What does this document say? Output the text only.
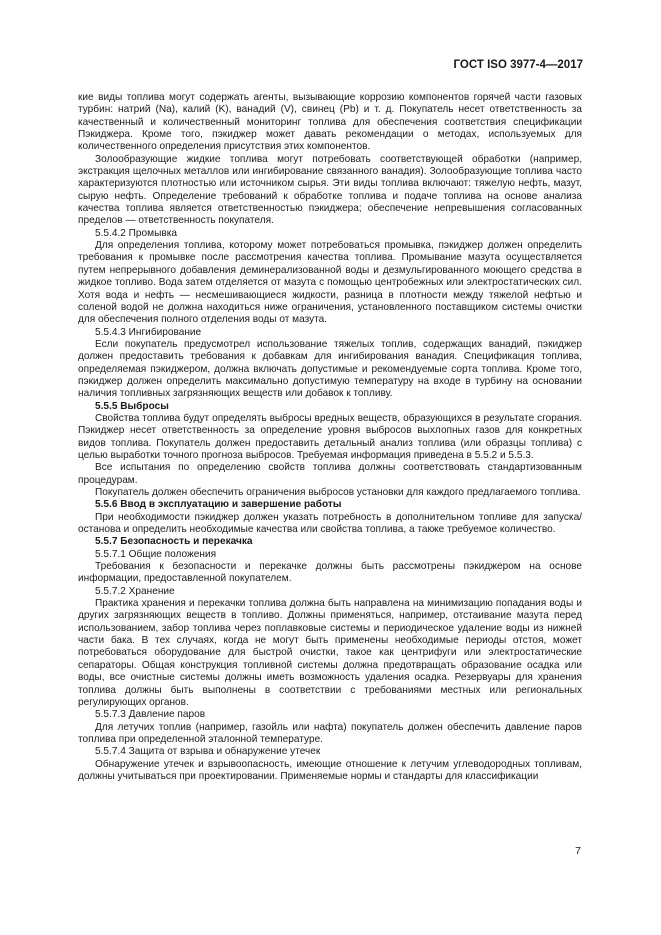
ГОСТ ISO 3977-4—2017

кие виды топлива могут содержать агенты, вызывающие коррозию компонентов горячей части газовых турбин: натрий (Na), калий (K), ванадий (V), свинец (Pb) и т. д. Покупатель несет ответственность за качественный и количественный мониторинг топлива для обеспечения соответствия спецификации Пэкиджера. Кроме того, пэкиджер может давать рекомендации о методах, используемых для количественного определения присутствия этих компонентов.

Золообразующие жидкие топлива могут потребовать соответствующей обработки (например, экстракция щелочных металлов или ингибирование связанного ванадия). Золообразующие топлива часто характеризуются плотностью или источником сырья. Эти виды топлива включают: тяжелую нефть, мазут, сырую нефть. Определение требований к обработке топлива и подаче топлива на основе анализа качества топлива является ответственностью пэкиджера; обеспечение непревышения согласованных пределов — ответственность покупателя.

5.5.4.2 Промывка

Для определения топлива, которому может потребоваться промывка, пэкиджер должен определить требования к промывке после рассмотрения качества топлива. Промывание мазута осуществляется путем непрерывного добавления деминерализованной воды и дезмульгированного моющего средства в жидкое топливо. Вода затем отделяется от мазута с помощью центробежных или электростатических сил. Хотя вода и нефть — несмешивающиеся жидкости, разница в плотности между тяжелой нефтью и соленой водой не должна находиться ниже ограничения, установленного поставщиком системы очистки для обеспечения полного отделения воды от мазута.

5.5.4.3 Ингибирование

Если покупатель предусмотрел использование тяжелых топлив, содержащих ванадий, пэкиджер должен предоставить требования к добавкам для ингибирования ванадия. Спецификация топлива, определяемая пэкиджером, должна включать допустимые и рекомендуемые сорта топлива. Кроме того, пэкиджер должен определить максимально допустимую температуру на входе в турбину на основании наличия топливных загрязняющих веществ или добавок к топливу.

5.5.5 Выбросы

Свойства топлива будут определять выбросы вредных веществ, образующихся в результате сгорания. Пэкиджер несет ответственность за определение уровня выбросов выхлопных газов для конкретных видов топлива. Покупатель должен предоставить детальный анализ топлива (или образцы топлива) с целью выработки точного прогноза выбросов. Требуемая информация приведена в 5.5.2 и 5.5.3.

Все испытания по определению свойств топлива должны соответствовать стандартизованным процедурам.

Покупатель должен обеспечить ограничения выбросов установки для каждого предлагаемого топлива.

5.5.6 Ввод в эксплуатацию и завершение работы

При необходимости пэкиджер должен указать потребность в дополнительном топливе для запуска/останова и определить необходимые качества или свойства топлива, а также требуемое количество.

5.5.7 Безопасность и перекачка

5.5.7.1 Общие положения

Требования к безопасности и перекачке должны быть рассмотрены пэкиджером на основе информации, предоставленной покупателем.

5.5.7.2 Хранение

Практика хранения и перекачки топлива должна быть направлена на минимизацию попадания воды и других загрязняющих веществ в топливо. Должны применяться, например, отстаивание мазута перед использованием, забор топлива через поплавковые системы и периодическое удаление воды из нижней части бака. В тех случаях, когда не могут быть применены необходимые периоды отстоя, может потребоваться оборудование для быстрой очистки, такое как центрифуги или электростатические сепараторы. Общая конструкция топливной системы должна предотвращать образование осадка или воды, все очистные системы должны иметь возможность удаления осадка. Резервуары для хранения топлива должны быть выполнены в соответствии с требованиями местных или региональных регулирующих органов.

5.5.7.3 Давление паров

Для летучих топлив (например, газойль или нафта) покупатель должен обеспечить давление паров топлива при определенной эталонной температуре.

5.5.7.4 Защита от взрыва и обнаружение утечек

Обнаружение утечек и взрывоопасность, имеющие отношение к летучим углеводородных топливам, должны учитываться при проектировании. Применяемые нормы и стандарты для классификации

7
